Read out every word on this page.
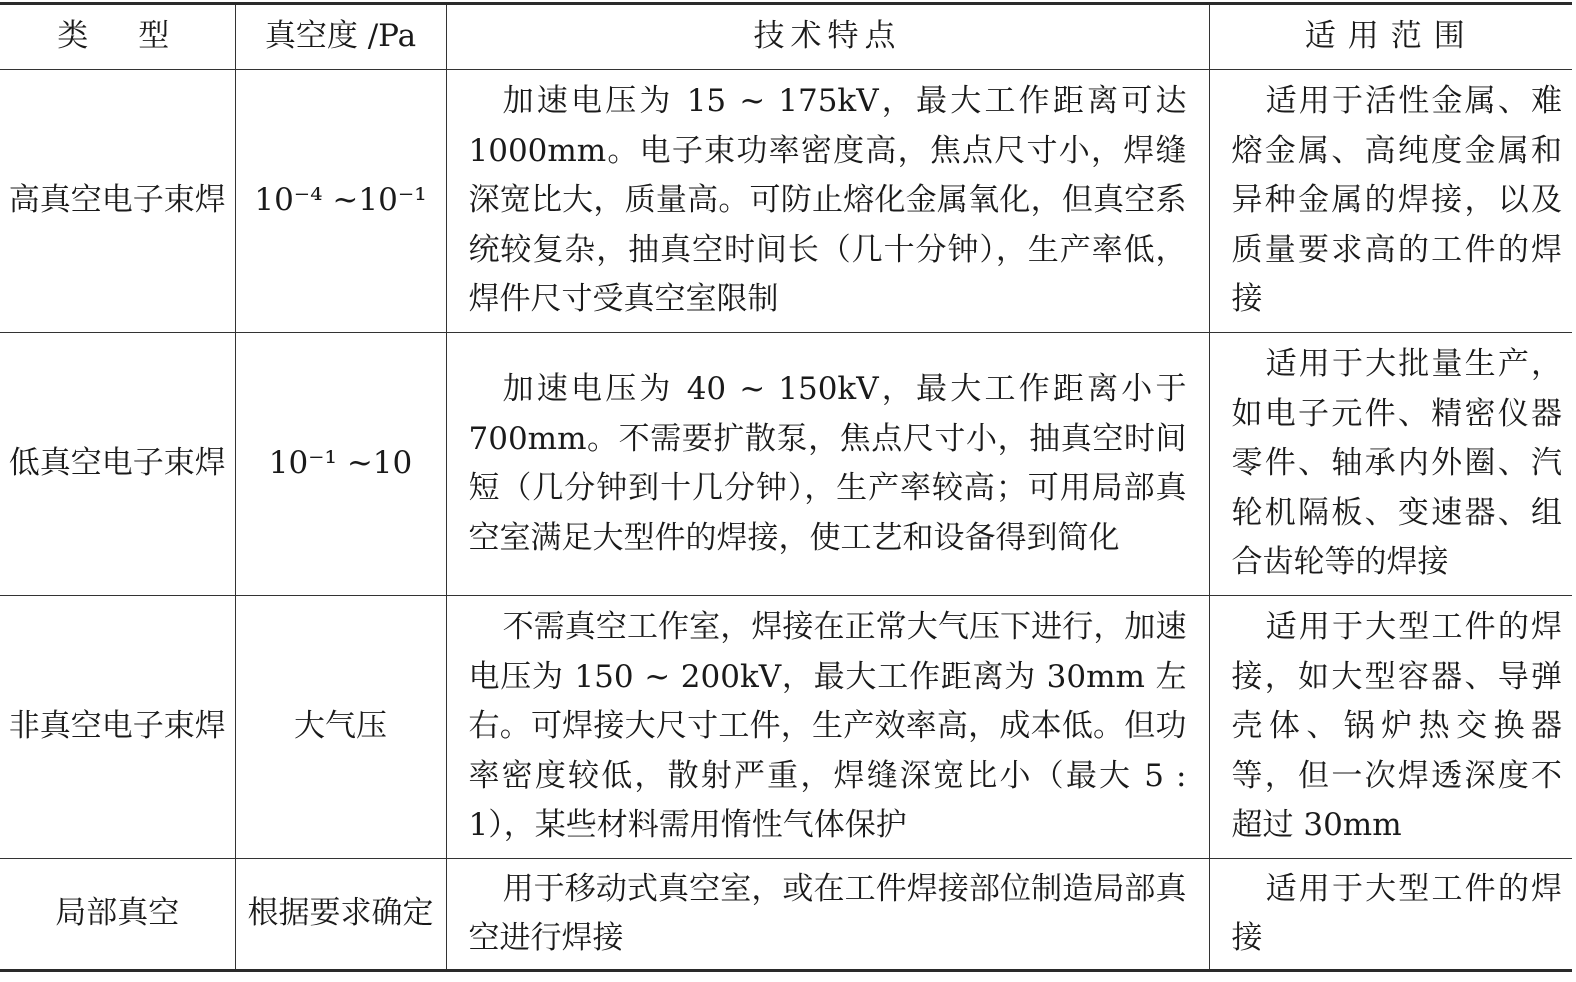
类型	真空度 /Pa	技术特点	适用范围
高真空电子束焊	10⁻⁴ ~10⁻¹	加速电压为 15 ~ 175kV，最大工作距离可达 1000mm。电子束功率密度高，焦点尺寸小，焊缝深宽比大，质量高。可防止熔化金属氧化，但真空系统较复杂，抽真空时间长（几十分钟），生产率低，焊件尺寸受真空室限制	适用于活性金属、难熔金属、高纯度金属和异种金属的焊接，以及质量要求高的工件的焊接
低真空电子束焊	10⁻¹ ~10	加速电压为 40 ~ 150kV，最大工作距离小于 700mm。不需要扩散泵，焦点尺寸小，抽真空时间短（几分钟到十几分钟），生产率较高；可用局部真空室满足大型件的焊接，使工艺和设备得到简化	适用于大批量生产，如电子元件、精密仪器零件、轴承内外圈、汽轮机隔板、变速器、组合齿轮等的焊接
非真空电子束焊	大气压	不需真空工作室，焊接在正常大气压下进行，加速电压为 150 ~ 200kV，最大工作距离为 30mm 左右。可焊接大尺寸工件，生产效率高，成本低。但功率密度较低，散射严重，焊缝深宽比小（最大 5 : 1），某些材料需用惰性气体保护	适用于大型工件的焊接，如大型容器、导弹壳体、锅炉热交换器等，但一次焊透深度不超过 30mm
局部真空	根据要求确定	用于移动式真空室，或在工件焊接部位制造局部真空进行焊接	适用于大型工件的焊接
